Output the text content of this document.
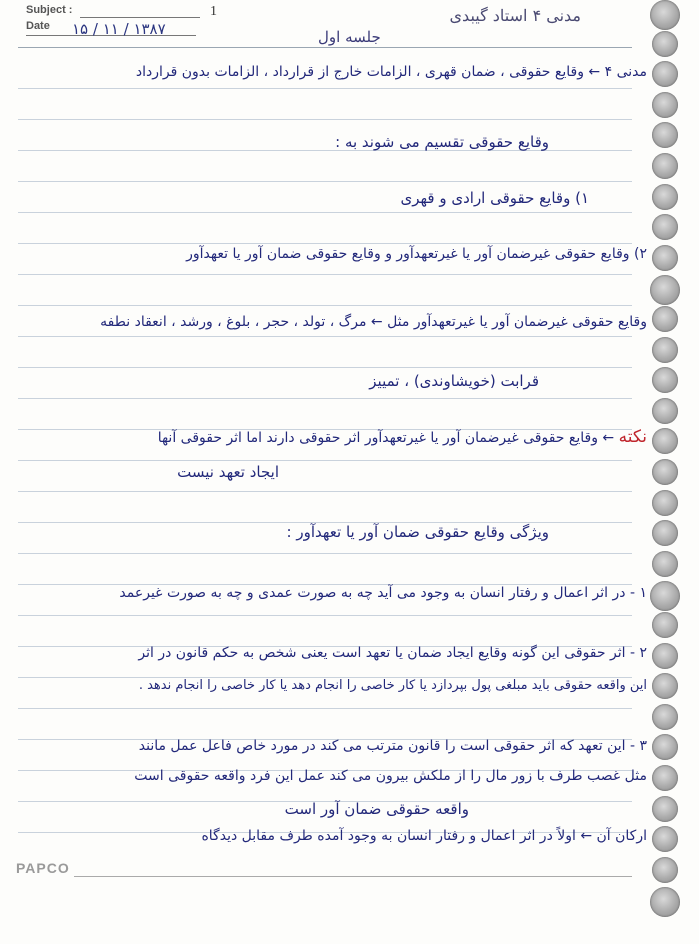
Subject :	1
Date ۱۳۸۷ / ۱۱ / ۱۵
مدنی ۴ استاد گیبدی
جلسه اول
مدنی ۴ ← وقایع حقوقی ، ضمان قهری ، الزامات خارج از قرارداد ، الزامات بدون قرارداد
وقایع حقوقی تقسیم می شوند به :
۱) وقایع حقوقی ارادی و قهری
۲) وقایع حقوقی غیرضمان آور یا غیرتعهدآور و وقایع حقوقی ضمان آور یا تعهدآور
وقایع حقوقی غیرضمان آور یا غیرتعهدآور مثل ← مرگ ، تولد ، حجر ، بلوغ ، ورشد ، انعقاد نطفه
قرابت (خویشاوندی) ، تمییز
نکته ← وقایع حقوقی غیرضمان آور یا غیرتعهدآور اثر حقوقی دارند اما اثر حقوقی آنها
ایجاد تعهد نیست
ویژگی وقایع حقوقی ضمان آور یا تعهدآور :
۱ - در اثر اعمال و رفتار انسان به وجود می آید چه به صورت عمدی و چه به صورت غیرعمد
۲ - اثر حقوقی این گونه وقایع ایجاد ضمان یا تعهد است یعنی شخص به حکم قانون در اثر
این واقعه حقوقی باید مبلغی پول بپردازد یا کار خاصی را انجام دهد یا کار خاصی را انجام ندهد .
۳ - این تعهد که اثر حقوقی است را قانون مترتب می کند در مورد خاص فاعل عمل مانند
مثل غصب طرف با زور مال را از ملکش بیرون می کند عمل این فرد واقعه حقوقی است
واقعه حقوقی ضمان آور است
ارکان آن ← اولاً در اثر اعمال و رفتار انسان به وجود آمده طرف مقابل دیدگاه
PAPCO
